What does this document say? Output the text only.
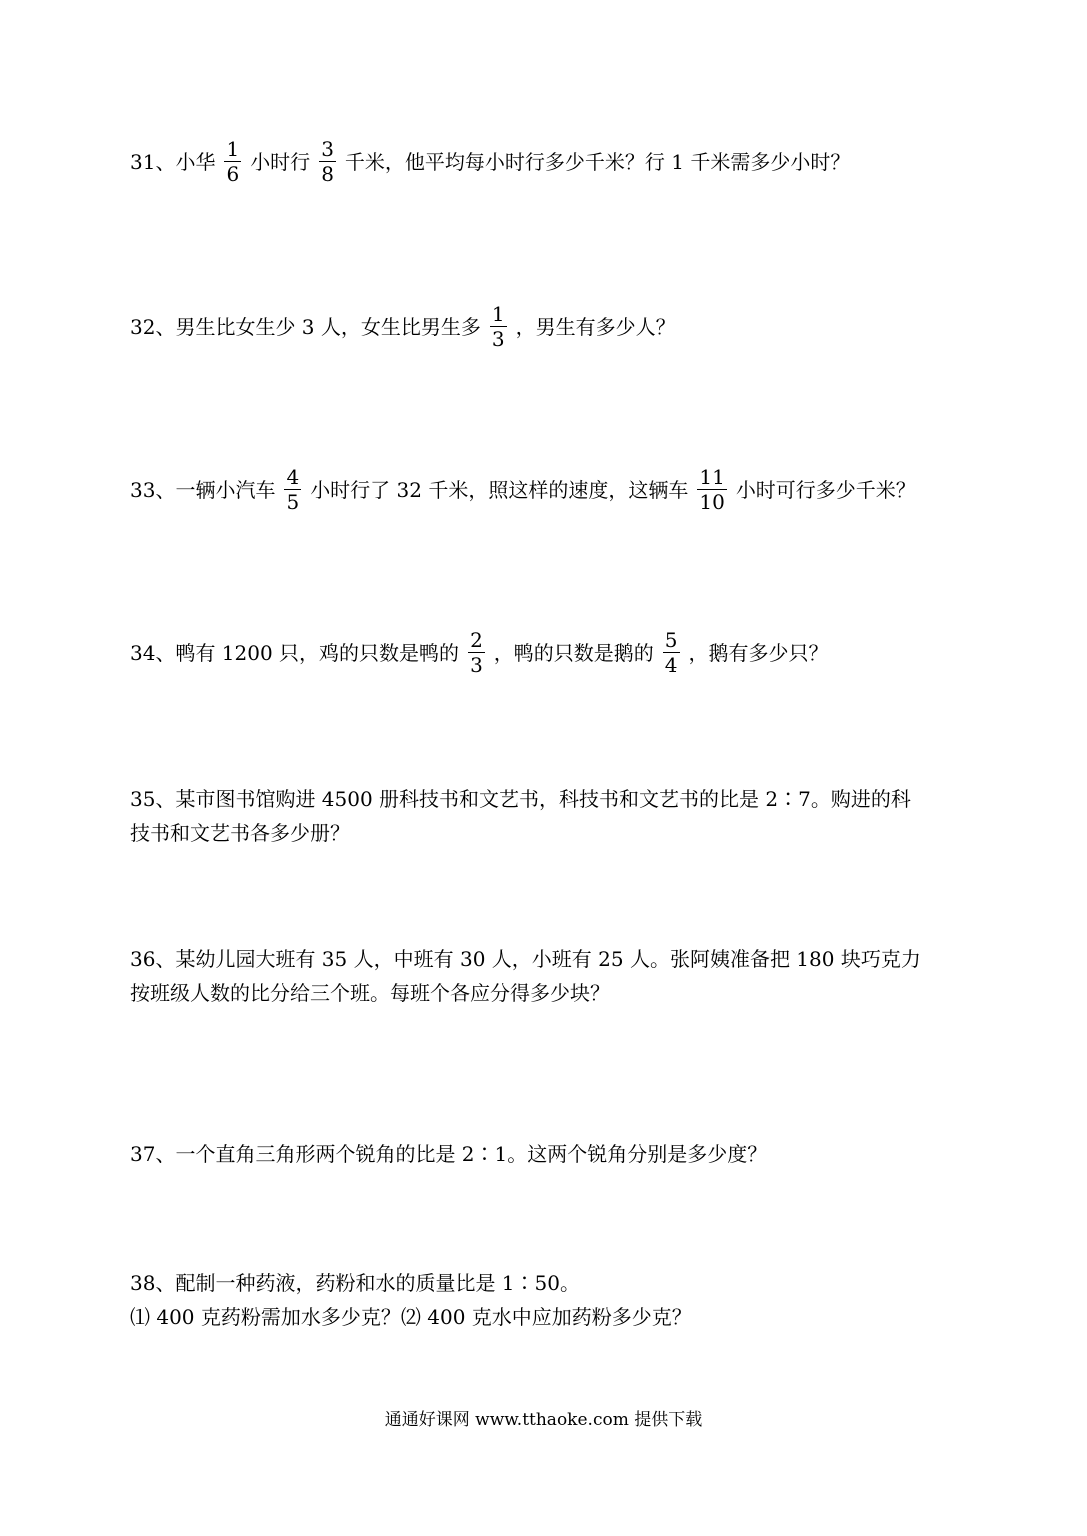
31、小华 $\frac{1}{6}$ 小时行 $\frac{3}{8}$ 千米，他平均每小时行多少千米？行 1 千米需多少小时？
32、男生比女生少 3 人，女生比男生多 $\frac{1}{3}$ ，男生有多少人？
33、一辆小汽车 $\frac{4}{5}$ 小时行了 32 千米，照这样的速度，这辆车 $\frac{11}{10}$ 小时可行多少千米？
34、鸭有 1200 只，鸡的只数是鸭的 $\frac{2}{3}$ ，鸭的只数是鹅的 $\frac{5}{4}$ ，鹅有多少只？
35、某市图书馆购进 4500 册科技书和文艺书，科技书和文艺书的比是 2∶7。购进的科
技书和文艺书各多少册？
36、某幼儿园大班有 35 人，中班有 30 人，小班有 25 人。张阿姨准备把 180 块巧克力
按班级人数的比分给三个班。每班个各应分得多少块？
37、一个直角三角形两个锐角的比是 2∶1。这两个锐角分别是多少度？
38、配制一种药液，药粉和水的质量比是 1∶50。
⑴ 400 克药粉需加水多少克？⑵ 400 克水中应加药粉多少克？
通通好课网 www.tthaoke.com 提供下载
